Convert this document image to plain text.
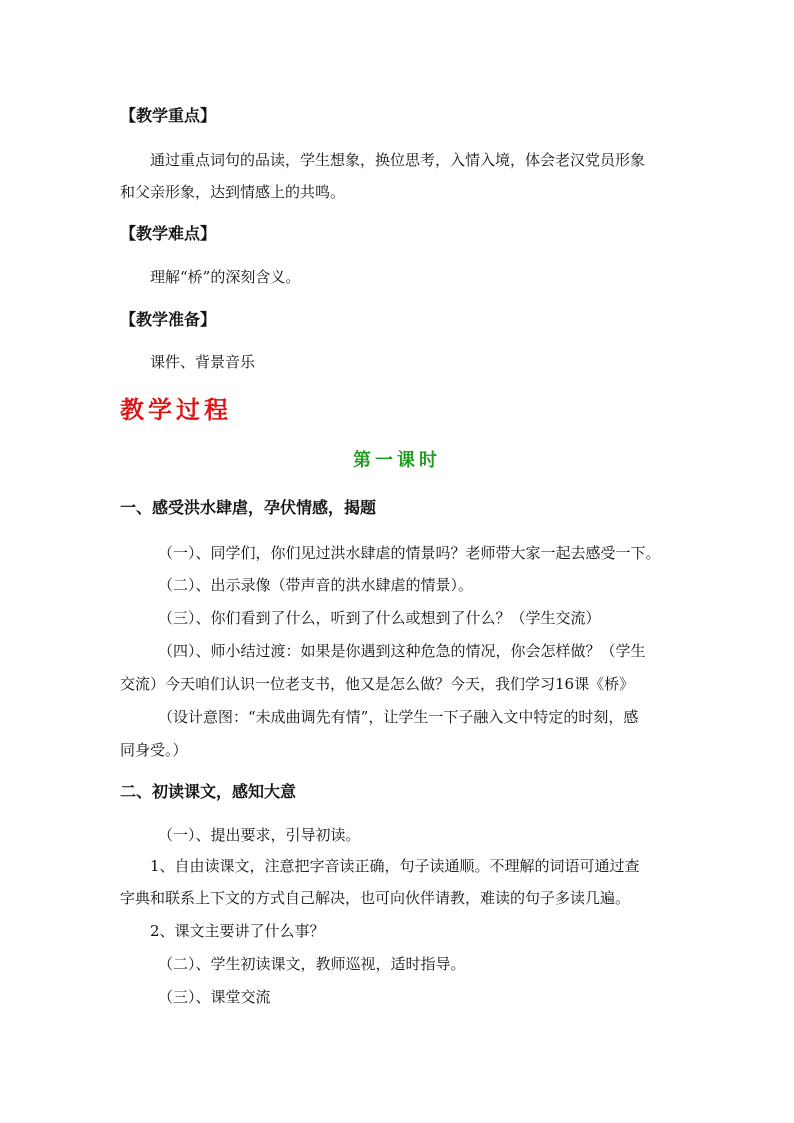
【教学重点】
通过重点词句的品读，学生想象，换位思考，入情入境，体会老汉党员形象
和父亲形象，达到情感上的共鸣。
【教学难点】
理解“桥”的深刻含义。
【教学准备】
课件、背景音乐
教学过程
第一课时
一、感受洪水肆虐，孕伏情感，揭题
（一）、同学们，你们见过洪水肆虐的情景吗？老师带大家一起去感受一下。
（二）、出示录像（带声音的洪水肆虐的情景）。
（三）、你们看到了什么，听到了什么或想到了什么？（学生交流）
（四）、师小结过渡：如果是你遇到这种危急的情况，你会怎样做？（学生
交流）今天咱们认识一位老支书，他又是怎么做？今天，我们学习16课《桥》
（设计意图：“未成曲调先有情”，让学生一下子融入文中特定的时刻，感
同身受。）
二、初读课文，感知大意
（一）、提出要求，引导初读。
1、自由读课文，注意把字音读正确，句子读通顺。不理解的词语可通过查
字典和联系上下文的方式自己解决，也可向伙伴请教，难读的句子多读几遍。
2、课文主要讲了什么事？
（二）、学生初读课文，教师巡视，适时指导。
（三）、课堂交流
